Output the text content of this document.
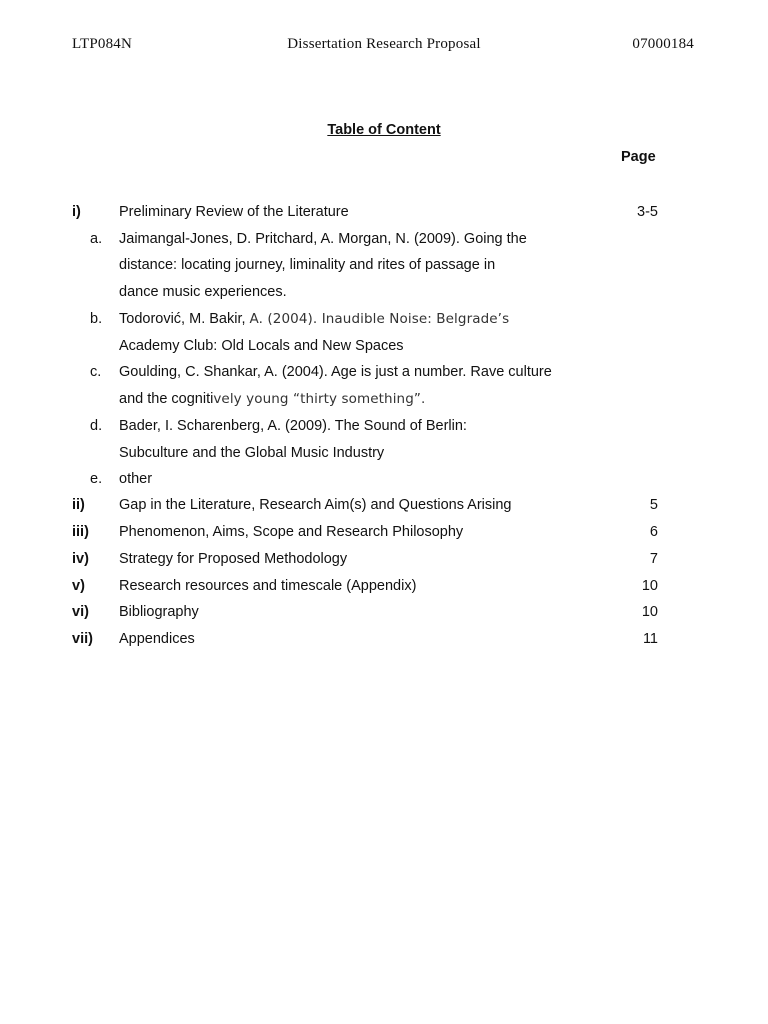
LTP084N	Dissertation Research Proposal	07000184
Table of Content
Page
i)	Preliminary Review of the Literature	3-5
a. Jaimangal-Jones, D. Pritchard, A. Morgan, N. (2009). Going the
distance: locating journey, liminality and rites of passage in
dance music experiences.
b. Todorović, M. Bakir, A. (2004). Inaudible Noise: Belgrade’s
Academy Club: Old Locals and New Spaces
c. Goulding, C. Shankar, A. (2004). Age is just a number. Rave culture
and the cognitively young “thirty something”.
d. Bader, I. Scharenberg, A. (2009). The Sound of Berlin:
Subculture and the Global Music Industry
e. other
ii) Gap in the Literature, Research Aim(s) and Questions Arising	5
iii) Phenomenon, Aims, Scope and Research Philosophy	6
iv) Strategy for Proposed Methodology	7
v) Research resources and timescale (Appendix)	10
vi) Bibliography	10
vii) Appendices	11
